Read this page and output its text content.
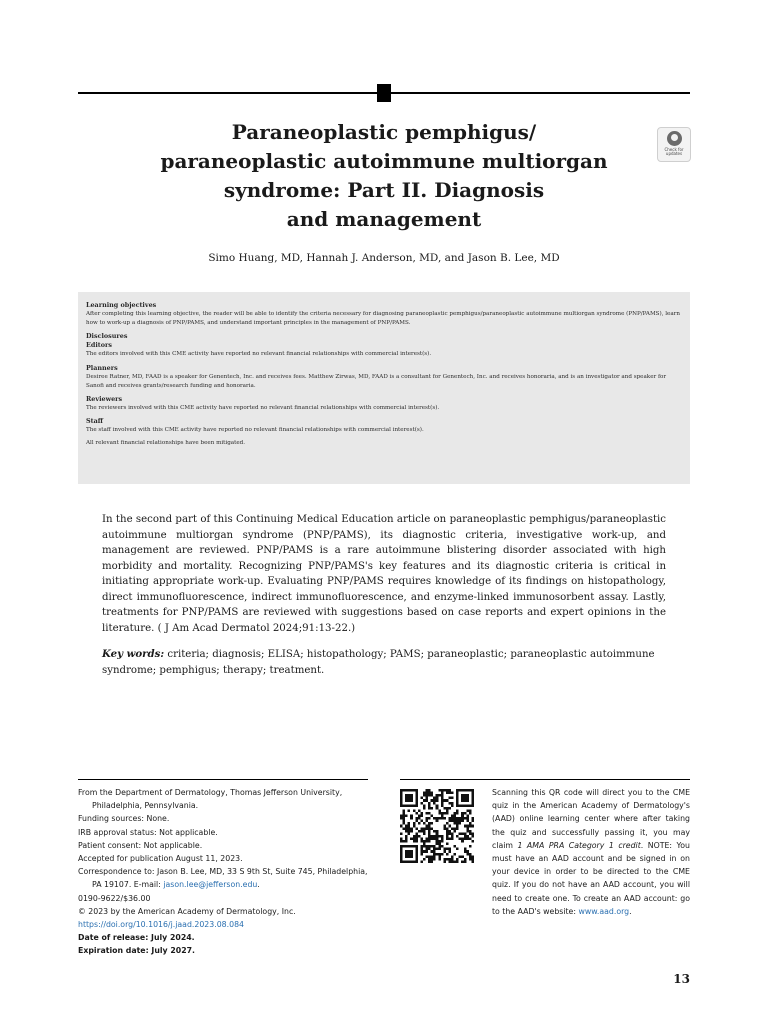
Paraneoplastic pemphigus/
paraneoplastic autoimmune multiorgan
syndrome: Part II. Diagnosis
and management
Check for updates
Simo Huang, MD, Hannah J. Anderson, MD, and Jason B. Lee, MD

Learning objectives

After completing this learning objective, the reader will be able to identify the criteria necessary for diagnosing paraneoplastic pemphigus/paraneoplastic autoimmune multiorgan syndrome (PNP/PAMS), learn how to work-up a diagnosis of PNP/PAMS, and understand important principles in the management of PNP/PAMS.

Disclosures

Editors

The editors involved with this CME activity have reported no relevant financial relationships with commercial interest(s).

Planners

Desiree Ratner, MD, FAAD is a speaker for Genentech, Inc. and receives fees. Matthew Zirwas, MD, FAAD is a consultant for Genentech, Inc. and receives honoraria, and is an investigator and speaker for Sanofi and receives grants/research funding and honoraria.

Reviewers

The reviewers involved with this CME activity have reported no relevant financial relationships with commercial interest(s).

Staff

The staff involved with this CME activity have reported no relevant financial relationships with commercial interest(s).

All relevant financial relationships have been mitigated.

In the second part of this Continuing Medical Education article on paraneoplastic pemphigus/paraneoplastic autoimmune multiorgan syndrome (PNP/PAMS), its diagnostic criteria, investigative work-up, and management are reviewed. PNP/PAMS is a rare autoimmune blistering disorder associated with high morbidity and mortality. Recognizing PNP/PAMS's key features and its diagnostic criteria is critical in initiating appropriate work-up. Evaluating PNP/PAMS requires knowledge of its findings on histopathology, direct immunofluorescence, indirect immunofluorescence, and enzyme-linked immunosorbent assay. Lastly, treatments for PNP/PAMS are reviewed with suggestions based on case reports and expert opinions in the literature. ( J Am Acad Dermatol 2024;91:13-22.)

Key words: criteria; diagnosis; ELISA; histopathology; PAMS; paraneoplastic; paraneoplastic autoimmune syndrome; pemphigus; therapy; treatment.

From the Department of Dermatology, Thomas Jefferson University, Philadelphia, Pennsylvania.
Funding sources: None.
IRB approval status: Not applicable.
Patient consent: Not applicable.
Accepted for publication August 11, 2023.
Correspondence to: Jason B. Lee, MD, 33 S 9th St, Suite 745, Philadelphia, PA 19107. E-mail: jason.lee@jefferson.edu.
0190-9622/$36.00
© 2023 by the American Academy of Dermatology, Inc.
https://doi.org/10.1016/j.jaad.2023.08.084
Date of release: July 2024.
Expiration date: July 2027.
Scanning this QR code will direct you to the CME quiz in the American Academy of Dermatology's (AAD) online learning center where after taking the quiz and successfully passing it, you may claim 1 AMA PRA Category 1 credit. NOTE: You must have an AAD account and be signed in on your device in order to be directed to the CME quiz. If you do not have an AAD account, you will need to create one. To create an AAD account: go to the AAD's website: www.aad.org.
13
